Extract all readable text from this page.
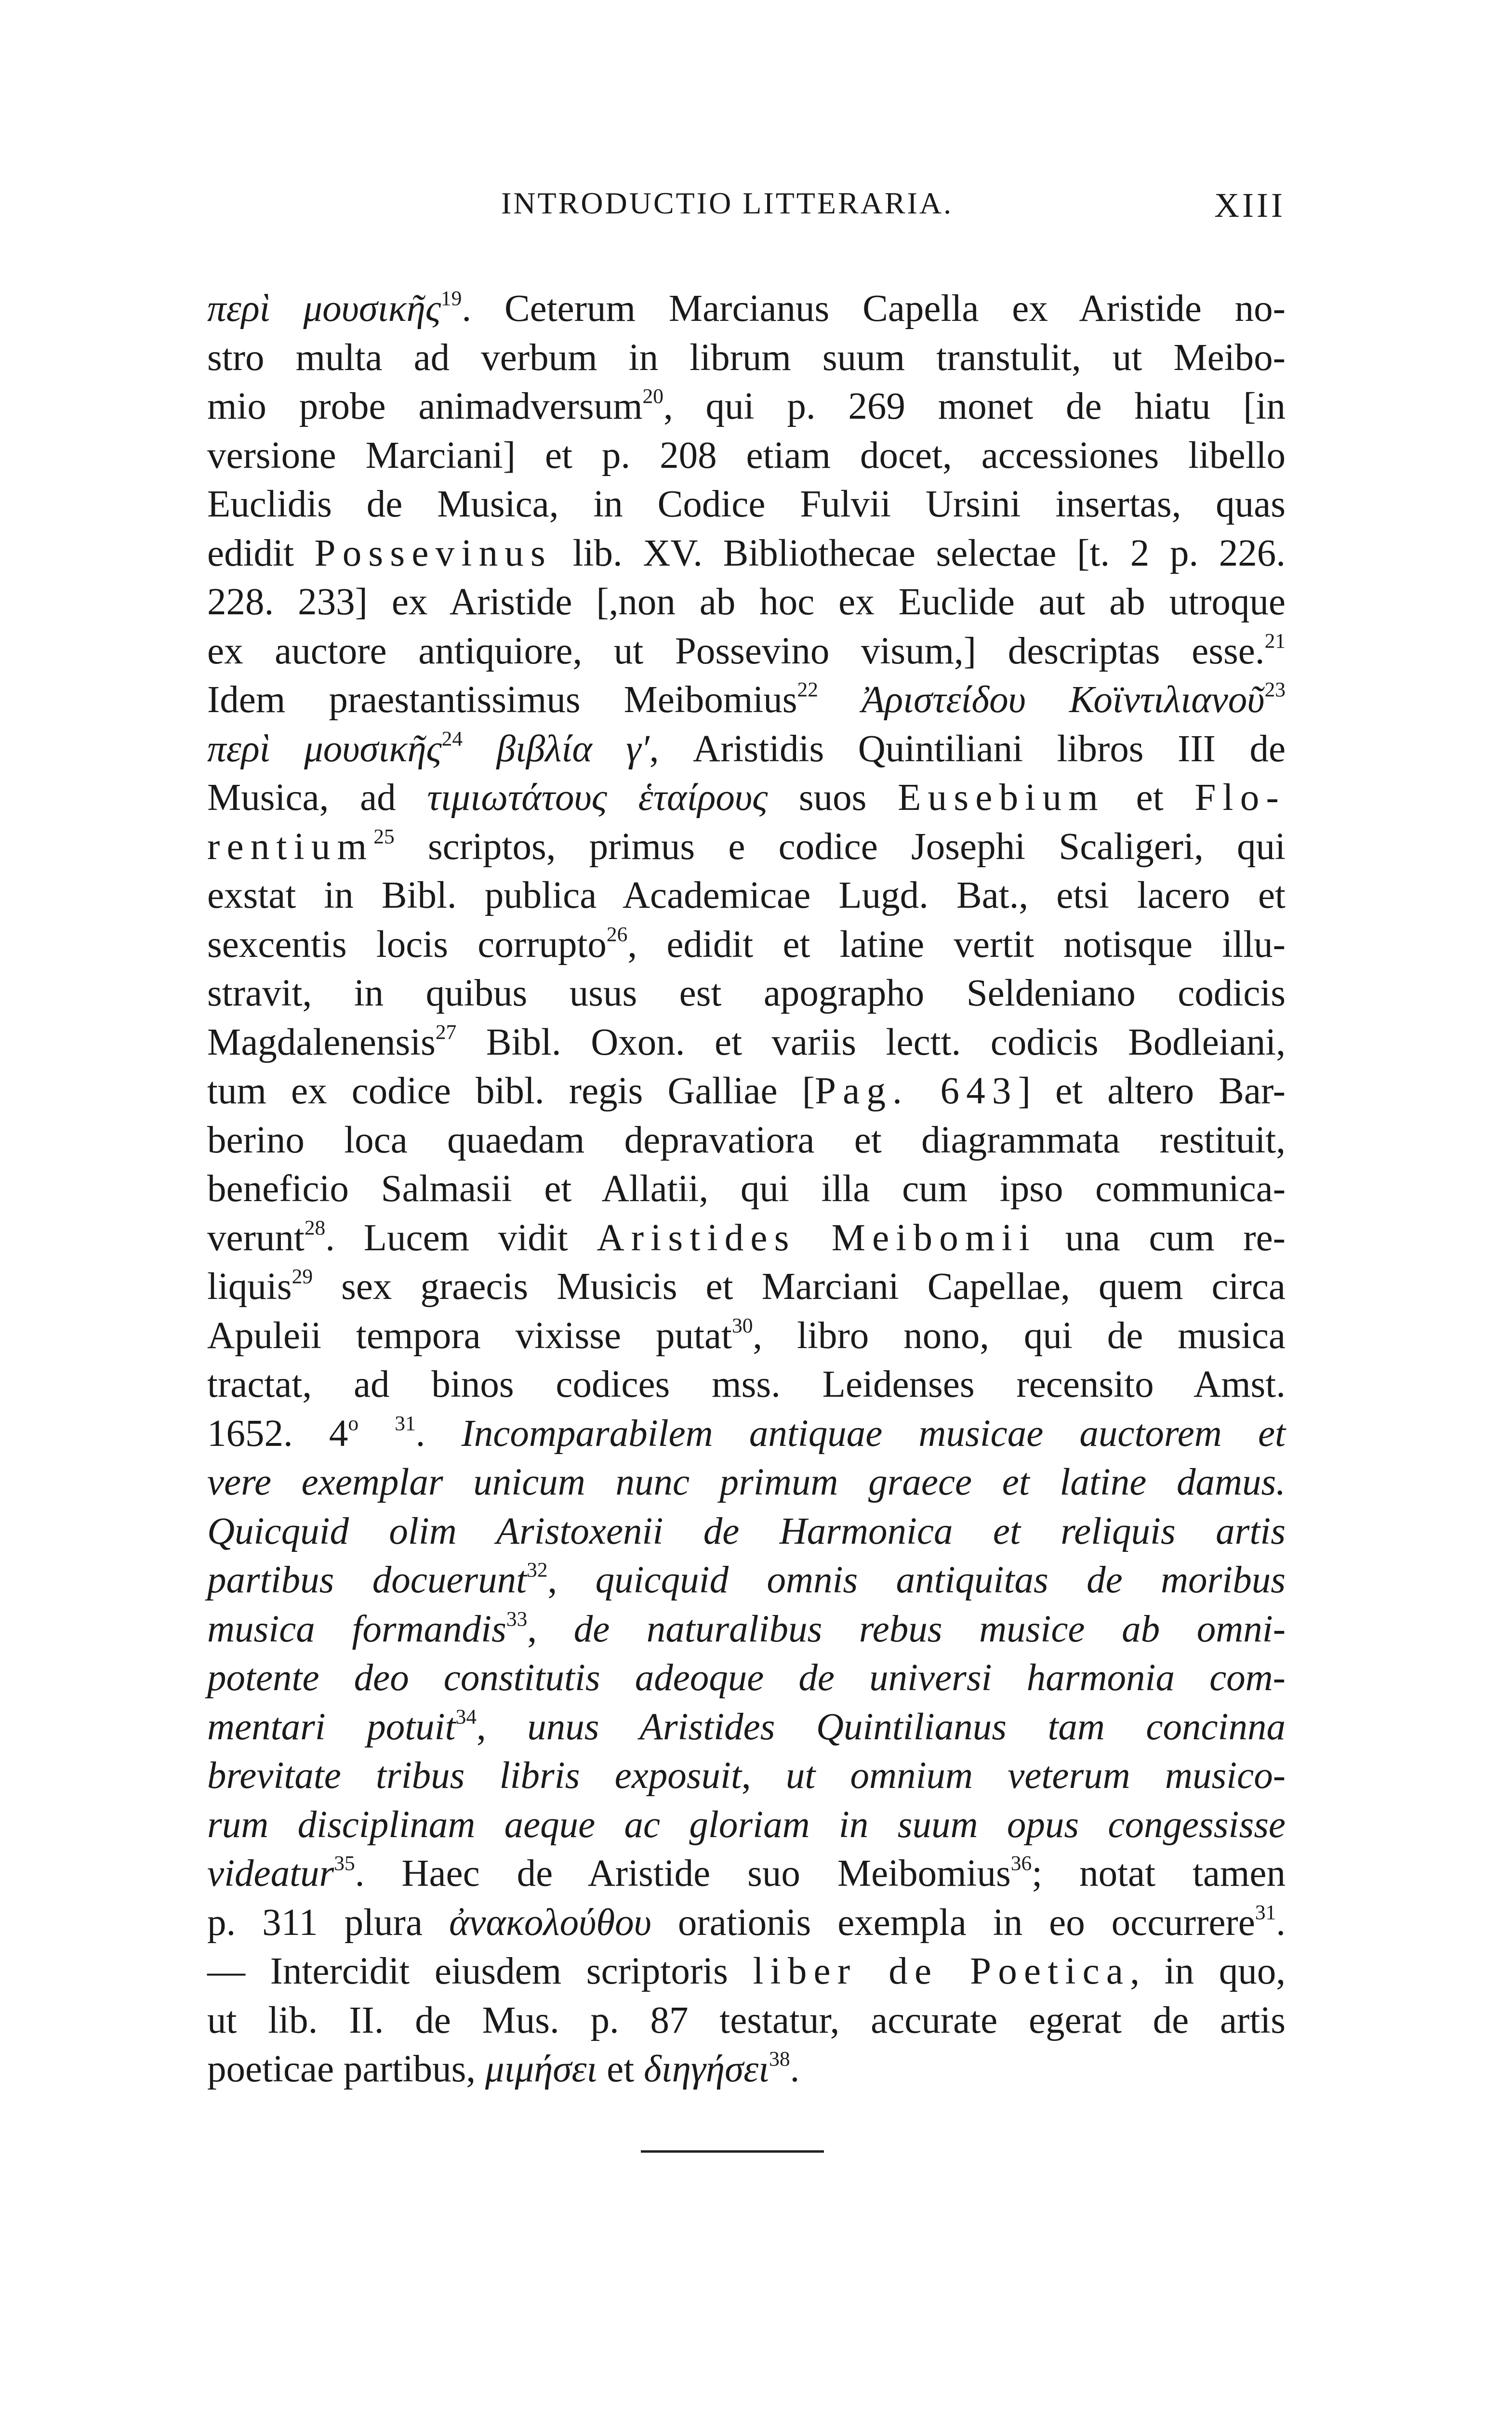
INTRODUCTIO LITTERARIA.	XIII
περὶ μουσικῆς$^{19}$. Ceterum Marcianus Capella ex Aristide no-
stro multa ad verbum in librum suum transtulit, ut Meibo-
mio probe animadversum$^{20}$, qui p. 269 monet de hiatu [in
versione Marciani] et p. 208 etiam docet, accessiones libello
Euclidis de Musica, in Codice Fulvii Ursini insertas, quas
edidit Possevinus lib. XV. Bibliothecae selectae [t. 2 p. 226.
228. 233] ex Aristide [,non ab hoc ex Euclide aut ab utroque
ex auctore antiquiore, ut Possevino visum,] descriptas esse.$^{21}$
Idem praestantissimus Meibomius$^{22}$ Ἀριστείδου Κοϊντιλιανοῦ$^{23}$
περὶ μουσικῆς$^{24}$ βιβλία γ′, Aristidis Quintiliani libros III de
Musica, ad τιμιωτάτους ἑταίρους suos Eusebium et Flo-
rentium$^{25}$ scriptos, primus e codice Josephi Scaligeri, qui
exstat in Bibl. publica Academicae Lugd. Bat., etsi lacero et
sexcentis locis corrupto$^{26}$, edidit et latine vertit notisque illu-
stravit, in quibus usus est apographo Seldeniano codicis
Magdalenensis$^{27}$ Bibl. Oxon. et variis lectt. codicis Bodleiani,
tum ex codice bibl. regis Galliae [Pag. 643] et altero Bar-
berino loca quaedam depravatiora et diagrammata restituit,
beneficio Salmasii et Allatii, qui illa cum ipso communica-
verunt$^{28}$. Lucem vidit Aristides Meibomii una cum re-
liquis$^{29}$ sex graecis Musicis et Marciani Capellae, quem circa
Apuleii tempora vixisse putat$^{30}$, libro nono, qui de musica
tractat, ad binos codices mss. Leidenses recensito Amst.
1652. 4$^o$ $^{31}$. Incomparabilem antiquae musicae auctorem et
vere exemplar unicum nunc primum graece et latine damus.
Quicquid olim Aristoxenii de Harmonica et reliquis artis
partibus docuerunt$^{32}$, quicquid omnis antiquitas de moribus
musica formandis$^{33}$, de naturalibus rebus musice ab omni-
potente deo constitutis adeoque de universi harmonia com-
mentari potuit$^{34}$, unus Aristides Quintilianus tam concinna
brevitate tribus libris exposuit, ut omnium veterum musico-
rum disciplinam aeque ac gloriam in suum opus congessisse
videatur$^{35}$. Haec de Aristide suo Meibomius$^{36}$; notat tamen
p. 311 plura ἀνακολούθου orationis exempla in eo occurrere$^{31}$.
— Intercidit eiusdem scriptoris liber de Poetica, in quo,
ut lib. II. de Mus. p. 87 testatur, accurate egerat de artis
poeticae partibus, μιμήσει et διηγήσει$^{38}$.
